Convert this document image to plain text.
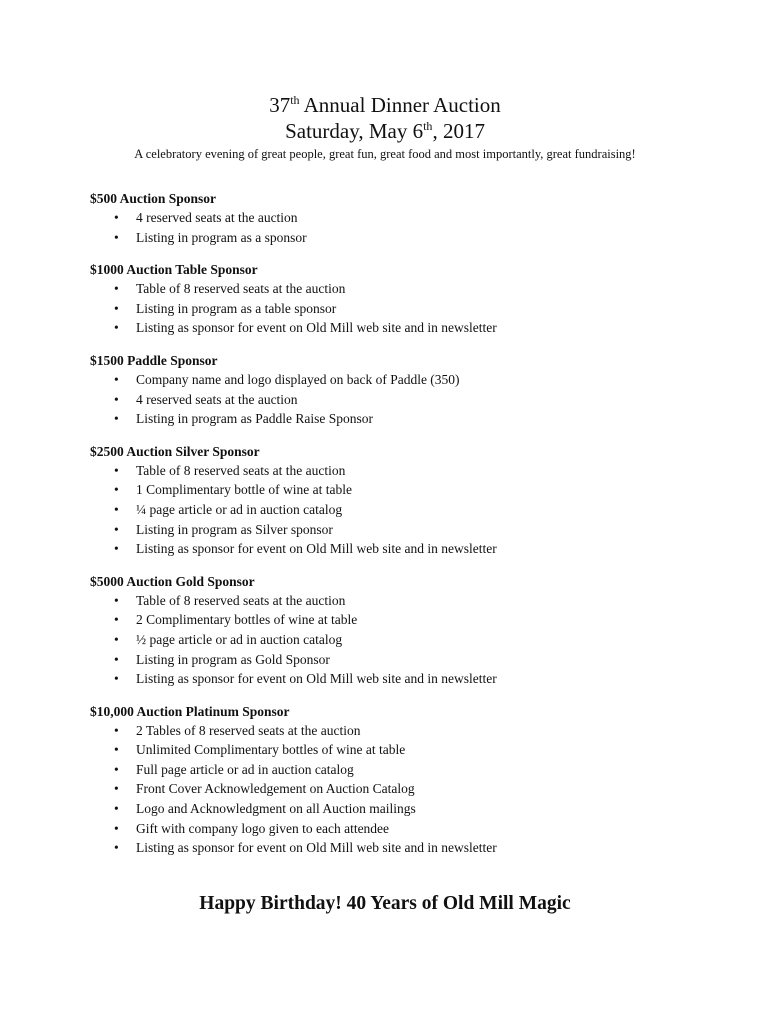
37th Annual Dinner Auction
Saturday, May 6th, 2017

A celebratory evening of great people, great fun, great food and most importantly, great fundraising!

$500 Auction Sponsor
• 4 reserved seats at the auction
• Listing in program as a sponsor
$1000 Auction Table Sponsor
• Table of 8 reserved seats at the auction
• Listing in program as a table sponsor
• Listing as sponsor for event on Old Mill web site and in newsletter
$1500 Paddle Sponsor
• Company name and logo displayed on back of Paddle (350)
• 4 reserved seats at the auction
• Listing in program as Paddle Raise Sponsor
$2500 Auction Silver Sponsor
• Table of 8 reserved seats at the auction
• 1 Complimentary bottle of wine at table
• ¼ page article or ad in auction catalog
• Listing in program as Silver sponsor
• Listing as sponsor for event on Old Mill web site and in newsletter
$5000 Auction Gold Sponsor
• Table of 8 reserved seats at the auction
• 2 Complimentary bottles of wine at table
• ½ page article or ad in auction catalog
• Listing in program as Gold Sponsor
• Listing as sponsor for event on Old Mill web site and in newsletter
$10,000 Auction Platinum Sponsor
• 2 Tables of 8 reserved seats at the auction
• Unlimited Complimentary bottles of wine at table
• Full page article or ad in auction catalog
• Front Cover Acknowledgement on Auction Catalog
• Logo and Acknowledgment on all Auction mailings
• Gift with company logo given to each attendee
• Listing as sponsor for event on Old Mill web site and in newsletter

Happy Birthday! 40 Years of Old Mill Magic
